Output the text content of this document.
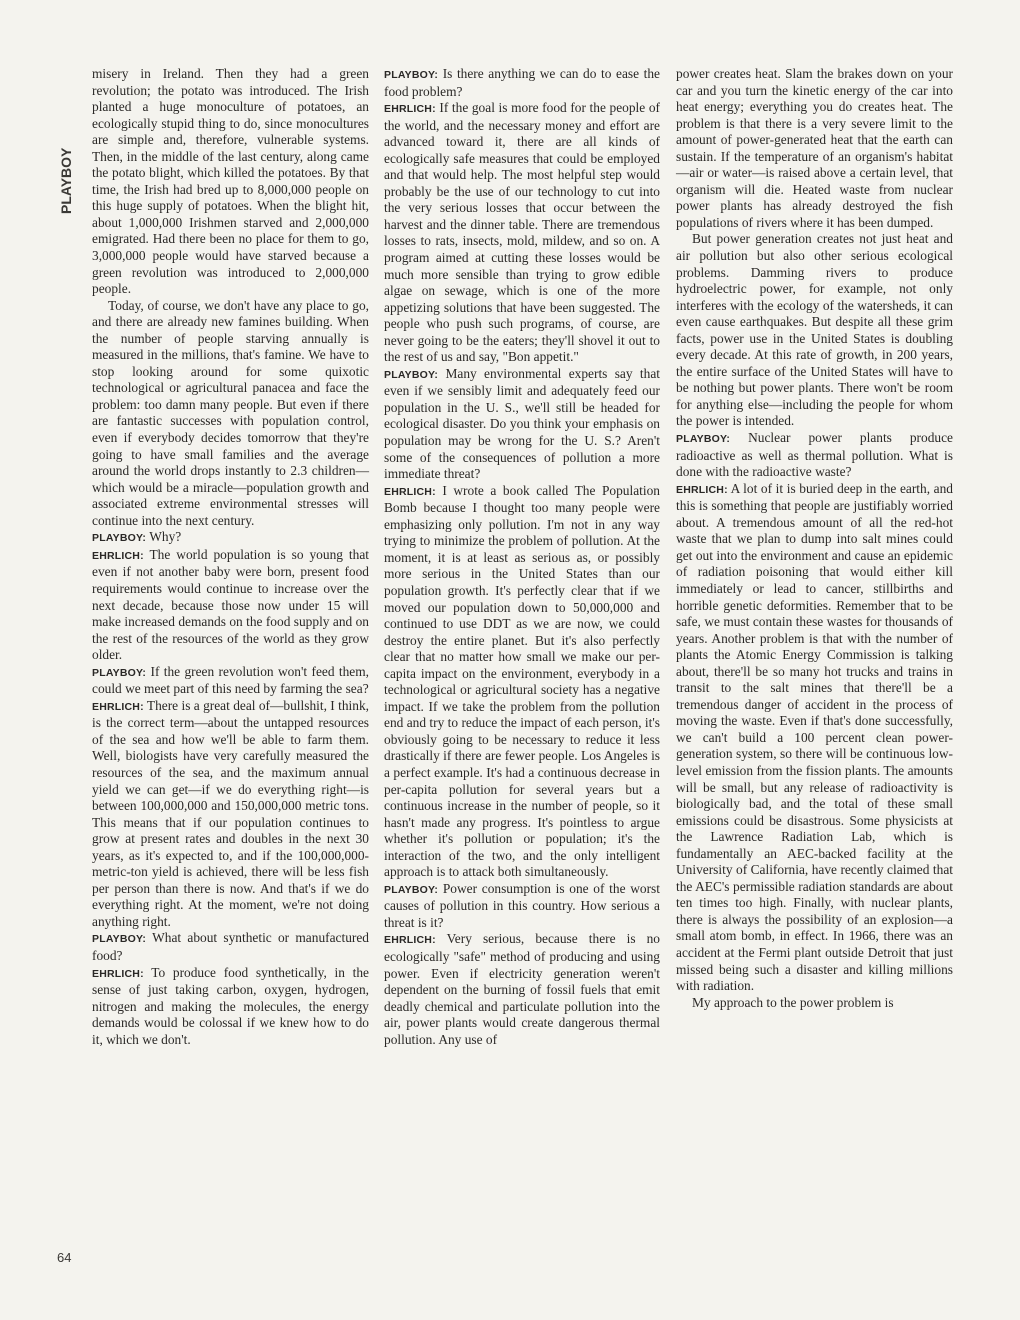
PLAYBOY

misery in Ireland. Then they had a green revolution; the potato was introduced. The Irish planted a huge monoculture of potatoes, an ecologically stupid thing to do, since monocultures are simple and, therefore, vulnerable systems. Then, in the middle of the last century, along came the potato blight, which killed the potatoes. By that time, the Irish had bred up to 8,000,000 people on this huge supply of potatoes. When the blight hit, about 1,000,000 Irishmen starved and 2,000,000 emigrated. Had there been no place for them to go, 3,000,000 people would have starved because a green revolution was introduced to 2,000,000 people.

Today, of course, we don't have any place to go, and there are already new famines building. When the number of people starving annually is measured in the millions, that's famine. We have to stop looking around for some quixotic technological or agricultural panacea and face the problem: too damn many people. But even if there are fantastic successes with population control, even if everybody decides tomorrow that they're going to have small families and the average around the world drops instantly to 2.3 children—which would be a miracle—population growth and associated extreme environmental stresses will continue into the next century.

PLAYBOY: Why?

EHRLICH: The world population is so young that even if not another baby were born, present food requirements would continue to increase over the next decade, because those now under 15 will make increased demands on the food supply and on the rest of the resources of the world as they grow older.

PLAYBOY: If the green revolution won't feed them, could we meet part of this need by farming the sea?

EHRLICH: There is a great deal of—bullshit, I think, is the correct term—about the untapped resources of the sea and how we'll be able to farm them. Well, biologists have very carefully measured the resources of the sea, and the maximum annual yield we can get—if we do everything right—is between 100,000,000 and 150,000,000 metric tons. This means that if our population continues to grow at present rates and doubles in the next 30 years, as it's expected to, and if the 100,000,000-metric-ton yield is achieved, there will be less fish per person than there is now. And that's if we do everything right. At the moment, we're not doing anything right.

PLAYBOY: What about synthetic or manufactured food?

EHRLICH: To produce food synthetically, in the sense of just taking carbon, oxygen, hydrogen, nitrogen and making the molecules, the energy demands would be colossal if we knew how to do it, which we don't.

PLAYBOY: Is there anything we can do to ease the food problem?

EHRLICH: If the goal is more food for the people of the world, and the necessary money and effort are advanced toward it, there are all kinds of ecologically safe measures that could be employed and that would help. The most helpful step would probably be the use of our technology to cut into the very serious losses that occur between the harvest and the dinner table. There are tremendous losses to rats, insects, mold, mildew, and so on. A program aimed at cutting these losses would be much more sensible than trying to grow edible algae on sewage, which is one of the more appetizing solutions that have been suggested. The people who push such programs, of course, are never going to be the eaters; they'll shovel it out to the rest of us and say, "Bon appetit."

PLAYBOY: Many environmental experts say that even if we sensibly limit and adequately feed our population in the U. S., we'll still be headed for ecological disaster. Do you think your emphasis on population may be wrong for the U. S.? Aren't some of the consequences of pollution a more immediate threat?

EHRLICH: I wrote a book called The Population Bomb because I thought too many people were emphasizing only pollution. I'm not in any way trying to minimize the problem of pollution. At the moment, it is at least as serious as, or possibly more serious in the United States than our population growth. It's perfectly clear that if we moved our population down to 50,000,000 and continued to use DDT as we are now, we could destroy the entire planet. But it's also perfectly clear that no matter how small we make our per-capita impact on the environment, everybody in a technological or agricultural society has a negative impact. If we take the problem from the pollution end and try to reduce the impact of each person, it's obviously going to be necessary to reduce it less drastically if there are fewer people. Los Angeles is a perfect example. It's had a continuous decrease in per-capita pollution for several years but a continuous increase in the number of people, so it hasn't made any progress. It's pointless to argue whether it's pollution or population; it's the interaction of the two, and the only intelligent approach is to attack both simultaneously.

PLAYBOY: Power consumption is one of the worst causes of pollution in this country. How serious a threat is it?

EHRLICH: Very serious, because there is no ecologically "safe" method of producing and using power. Even if electricity generation weren't dependent on the burning of fossil fuels that emit deadly chemical and particulate pollution into the air, power plants would create dangerous thermal pollution. Any use of

power creates heat. Slam the brakes down on your car and you turn the kinetic energy of the car into heat energy; everything you do creates heat. The problem is that there is a very severe limit to the amount of power-generated heat that the earth can sustain. If the temperature of an organism's habitat—air or water—is raised above a certain level, that organism will die. Heated waste from nuclear power plants has already destroyed the fish populations of rivers where it has been dumped.

But power generation creates not just heat and air pollution but also other serious ecological problems. Damming rivers to produce hydroelectric power, for example, not only interferes with the ecology of the watersheds, it can even cause earthquakes. But despite all these grim facts, power use in the United States is doubling every decade. At this rate of growth, in 200 years, the entire surface of the United States will have to be nothing but power plants. There won't be room for anything else—including the people for whom the power is intended.

PLAYBOY: Nuclear power plants produce radioactive as well as thermal pollution. What is done with the radioactive waste?

EHRLICH: A lot of it is buried deep in the earth, and this is something that people are justifiably worried about. A tremendous amount of all the red-hot waste that we plan to dump into salt mines could get out into the environment and cause an epidemic of radiation poisoning that would either kill immediately or lead to cancer, stillbirths and horrible genetic deformities. Remember that to be safe, we must contain these wastes for thousands of years. Another problem is that with the number of plants the Atomic Energy Commission is talking about, there'll be so many hot trucks and trains in transit to the salt mines that there'll be a tremendous danger of accident in the process of moving the waste. Even if that's done successfully, we can't build a 100 percent clean power-generation system, so there will be continuous low-level emission from the fission plants. The amounts will be small, but any release of radioactivity is biologically bad, and the total of these small emissions could be disastrous. Some physicists at the Lawrence Radiation Lab, which is fundamentally an AEC-backed facility at the University of California, have recently claimed that the AEC's permissible radiation standards are about ten times too high. Finally, with nuclear plants, there is always the possibility of an explosion—a small atom bomb, in effect. In 1966, there was an accident at the Fermi plant outside Detroit that just missed being such a disaster and killing millions with radiation.

My approach to the power problem is

64
